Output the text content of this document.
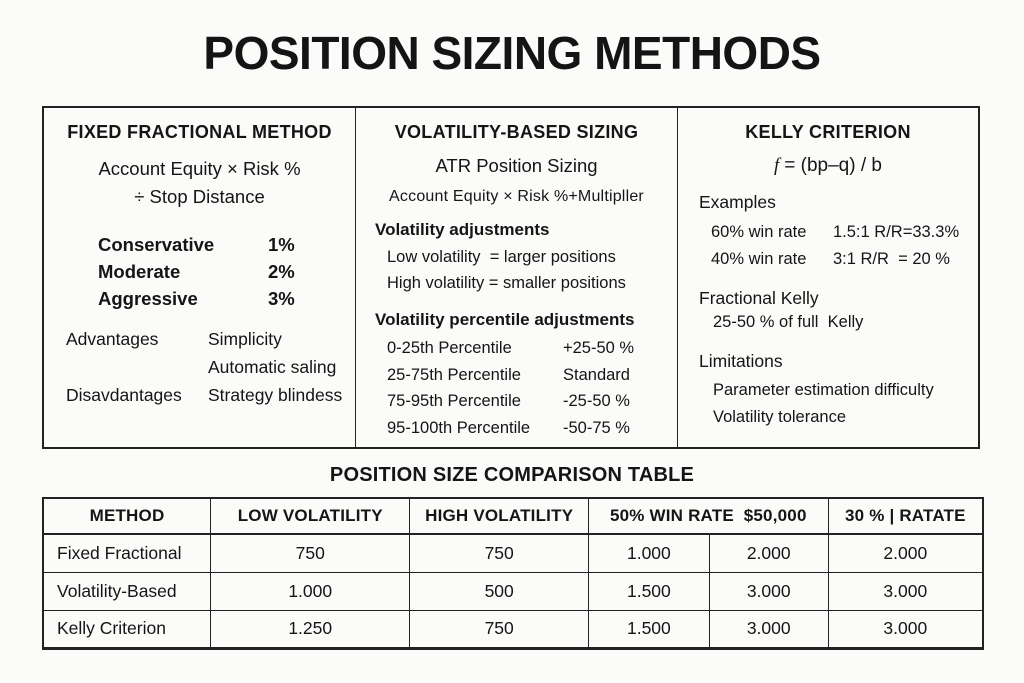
POSITION SIZING METHODS
FIXED FRACTIONAL METHOD
Account Equity × Risk %
÷ Stop Distance
Conservative	1%
Moderate	2%
Aggressive	3%
Advantages	Simplicity
Automatic saling
Disavdantages	Strategy blindess
VOLATILITY-BASED SIZING
ATR Position Sizing
Account Equity × Risk %+Multipller
Volatility adjustments
Low volatility  = larger positions
High volatility = smaller positions
Volatility percentile adjustments
0-25th Percentile	+25-50 %
25-75th Percentile	Standard
75-95th Percentile	-25-50 %
95-100th Percentile	-50-75 %
KELLY CRITERION
f = (bp–q) / b
Examples
60% win rate	1.5:1 R/R=33.3%
40% win rate	3:1 R/R  = 20 %
Fractional Kelly
25-50 % of full  Kelly
Limitations
Parameter estimation difficulty
Volatility tolerance
POSITION SIZE COMPARISON TABLE
METHOD	LOW VOLATILITY	HIGH VOLATILITY	50% WIN RATE  $50,000		30 % | RATATE
Fixed Fractional	750	750	1.000	2.000	2.000
Volatility-Based	1.000	500	1.500	3.000	3.000
Kelly Criterion	1.250	750	1.500	3.000	3.000
